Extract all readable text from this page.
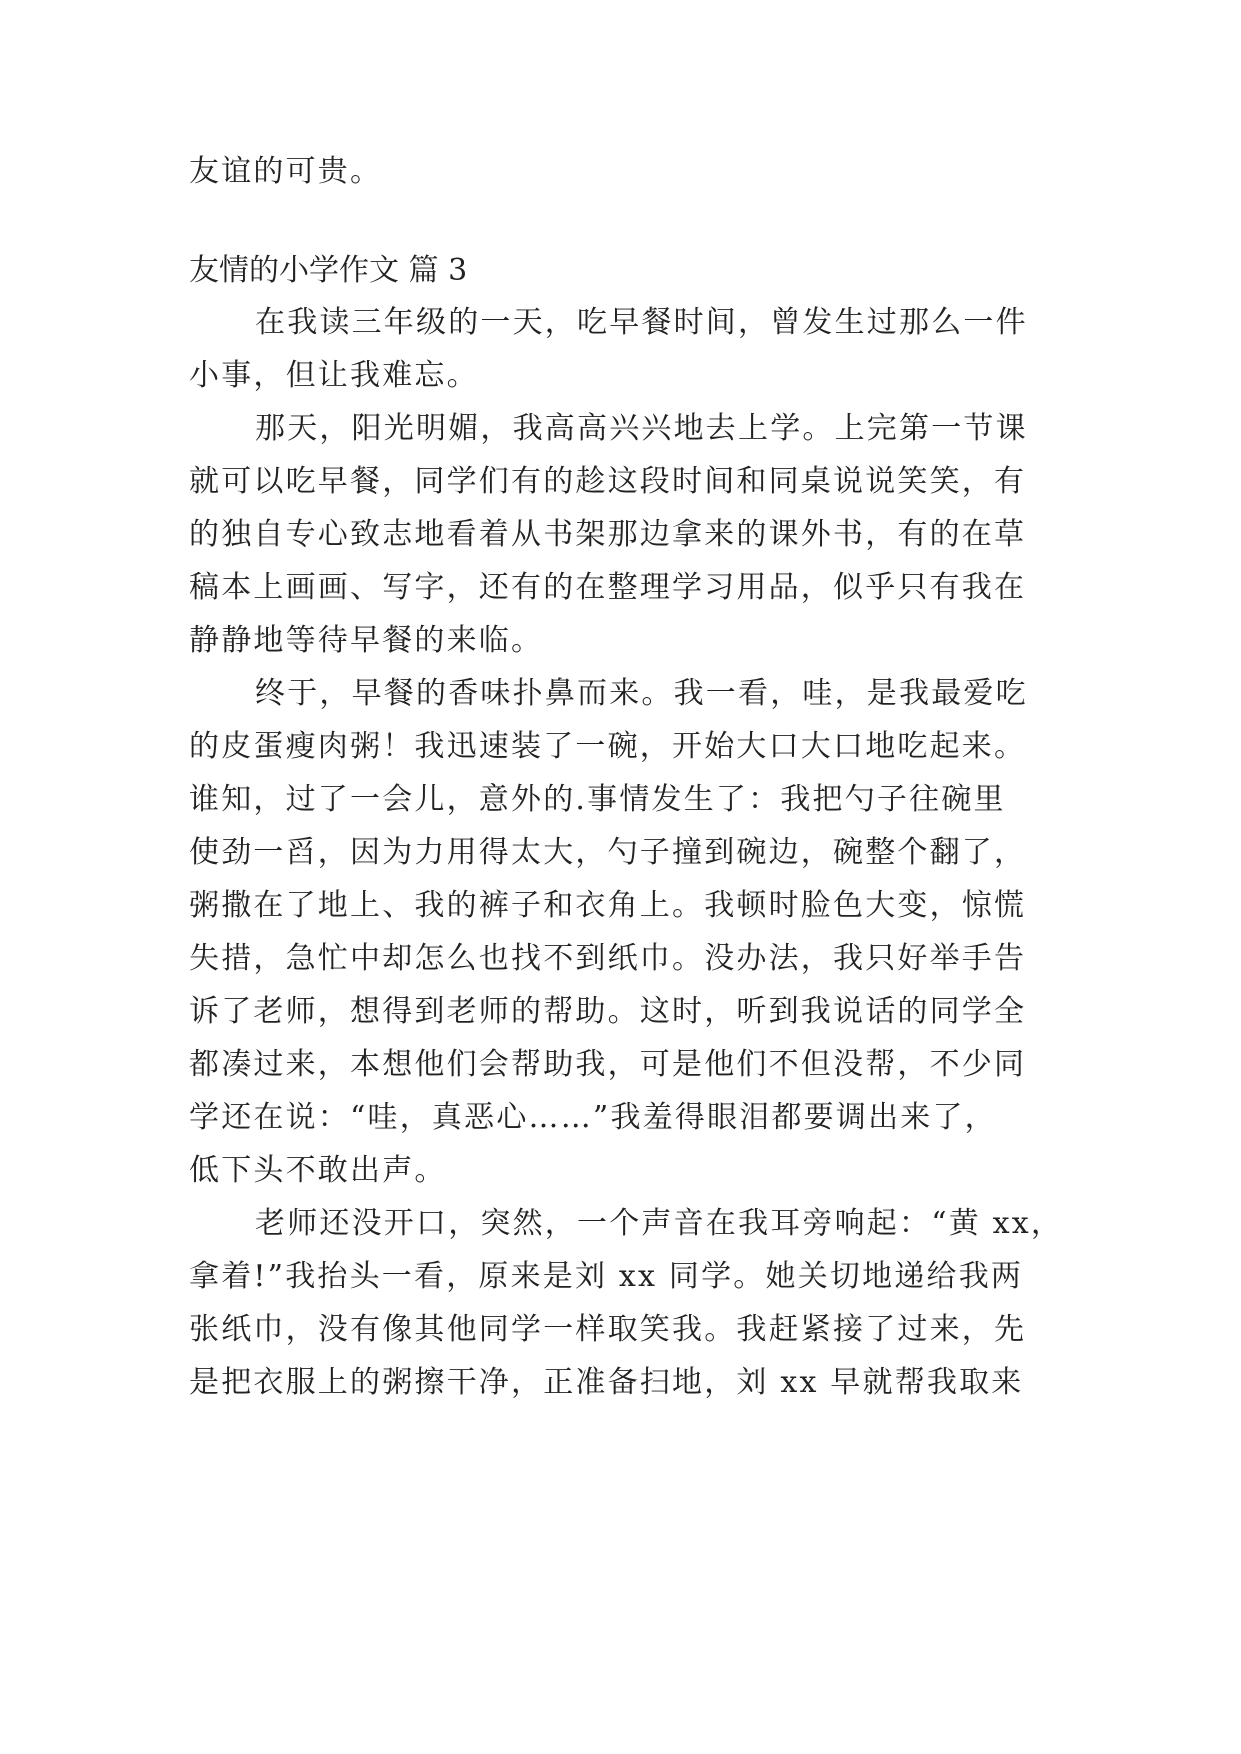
友谊的可贵。

友情的小学作文 篇 3

在我读三年级的一天，吃早餐时间，曾发生过那么一件

小事，但让我难忘。

那天，阳光明媚，我高高兴兴地去上学。上完第一节课

就可以吃早餐，同学们有的趁这段时间和同桌说说笑笑，有

的独自专心致志地看着从书架那边拿来的课外书，有的在草

稿本上画画、写字，还有的在整理学习用品，似乎只有我在

静静地等待早餐的来临。

终于，早餐的香味扑鼻而来。我一看，哇，是我最爱吃

的皮蛋瘦肉粥！我迅速装了一碗，开始大口大口地吃起来。

谁知，过了一会儿，意外的.事情发生了：我把勺子往碗里

使劲一舀，因为力用得太大，勺子撞到碗边，碗整个翻了，

粥撒在了地上、我的裤子和衣角上。我顿时脸色大变，惊慌

失措，急忙中却怎么也找不到纸巾。没办法，我只好举手告

诉了老师，想得到老师的帮助。这时，听到我说话的同学全

都凑过来，本想他们会帮助我，可是他们不但没帮，不少同

学还在说：“哇，真恶心……”我羞得眼泪都要调出来了，

低下头不敢出声。

老师还没开口，突然，一个声音在我耳旁响起：“黄 xx，

拿着!”我抬头一看，原来是刘 xx 同学。她关切地递给我两

张纸巾，没有像其他同学一样取笑我。我赶紧接了过来，先

是把衣服上的粥擦干净，正准备扫地，刘 xx 早就帮我取来
